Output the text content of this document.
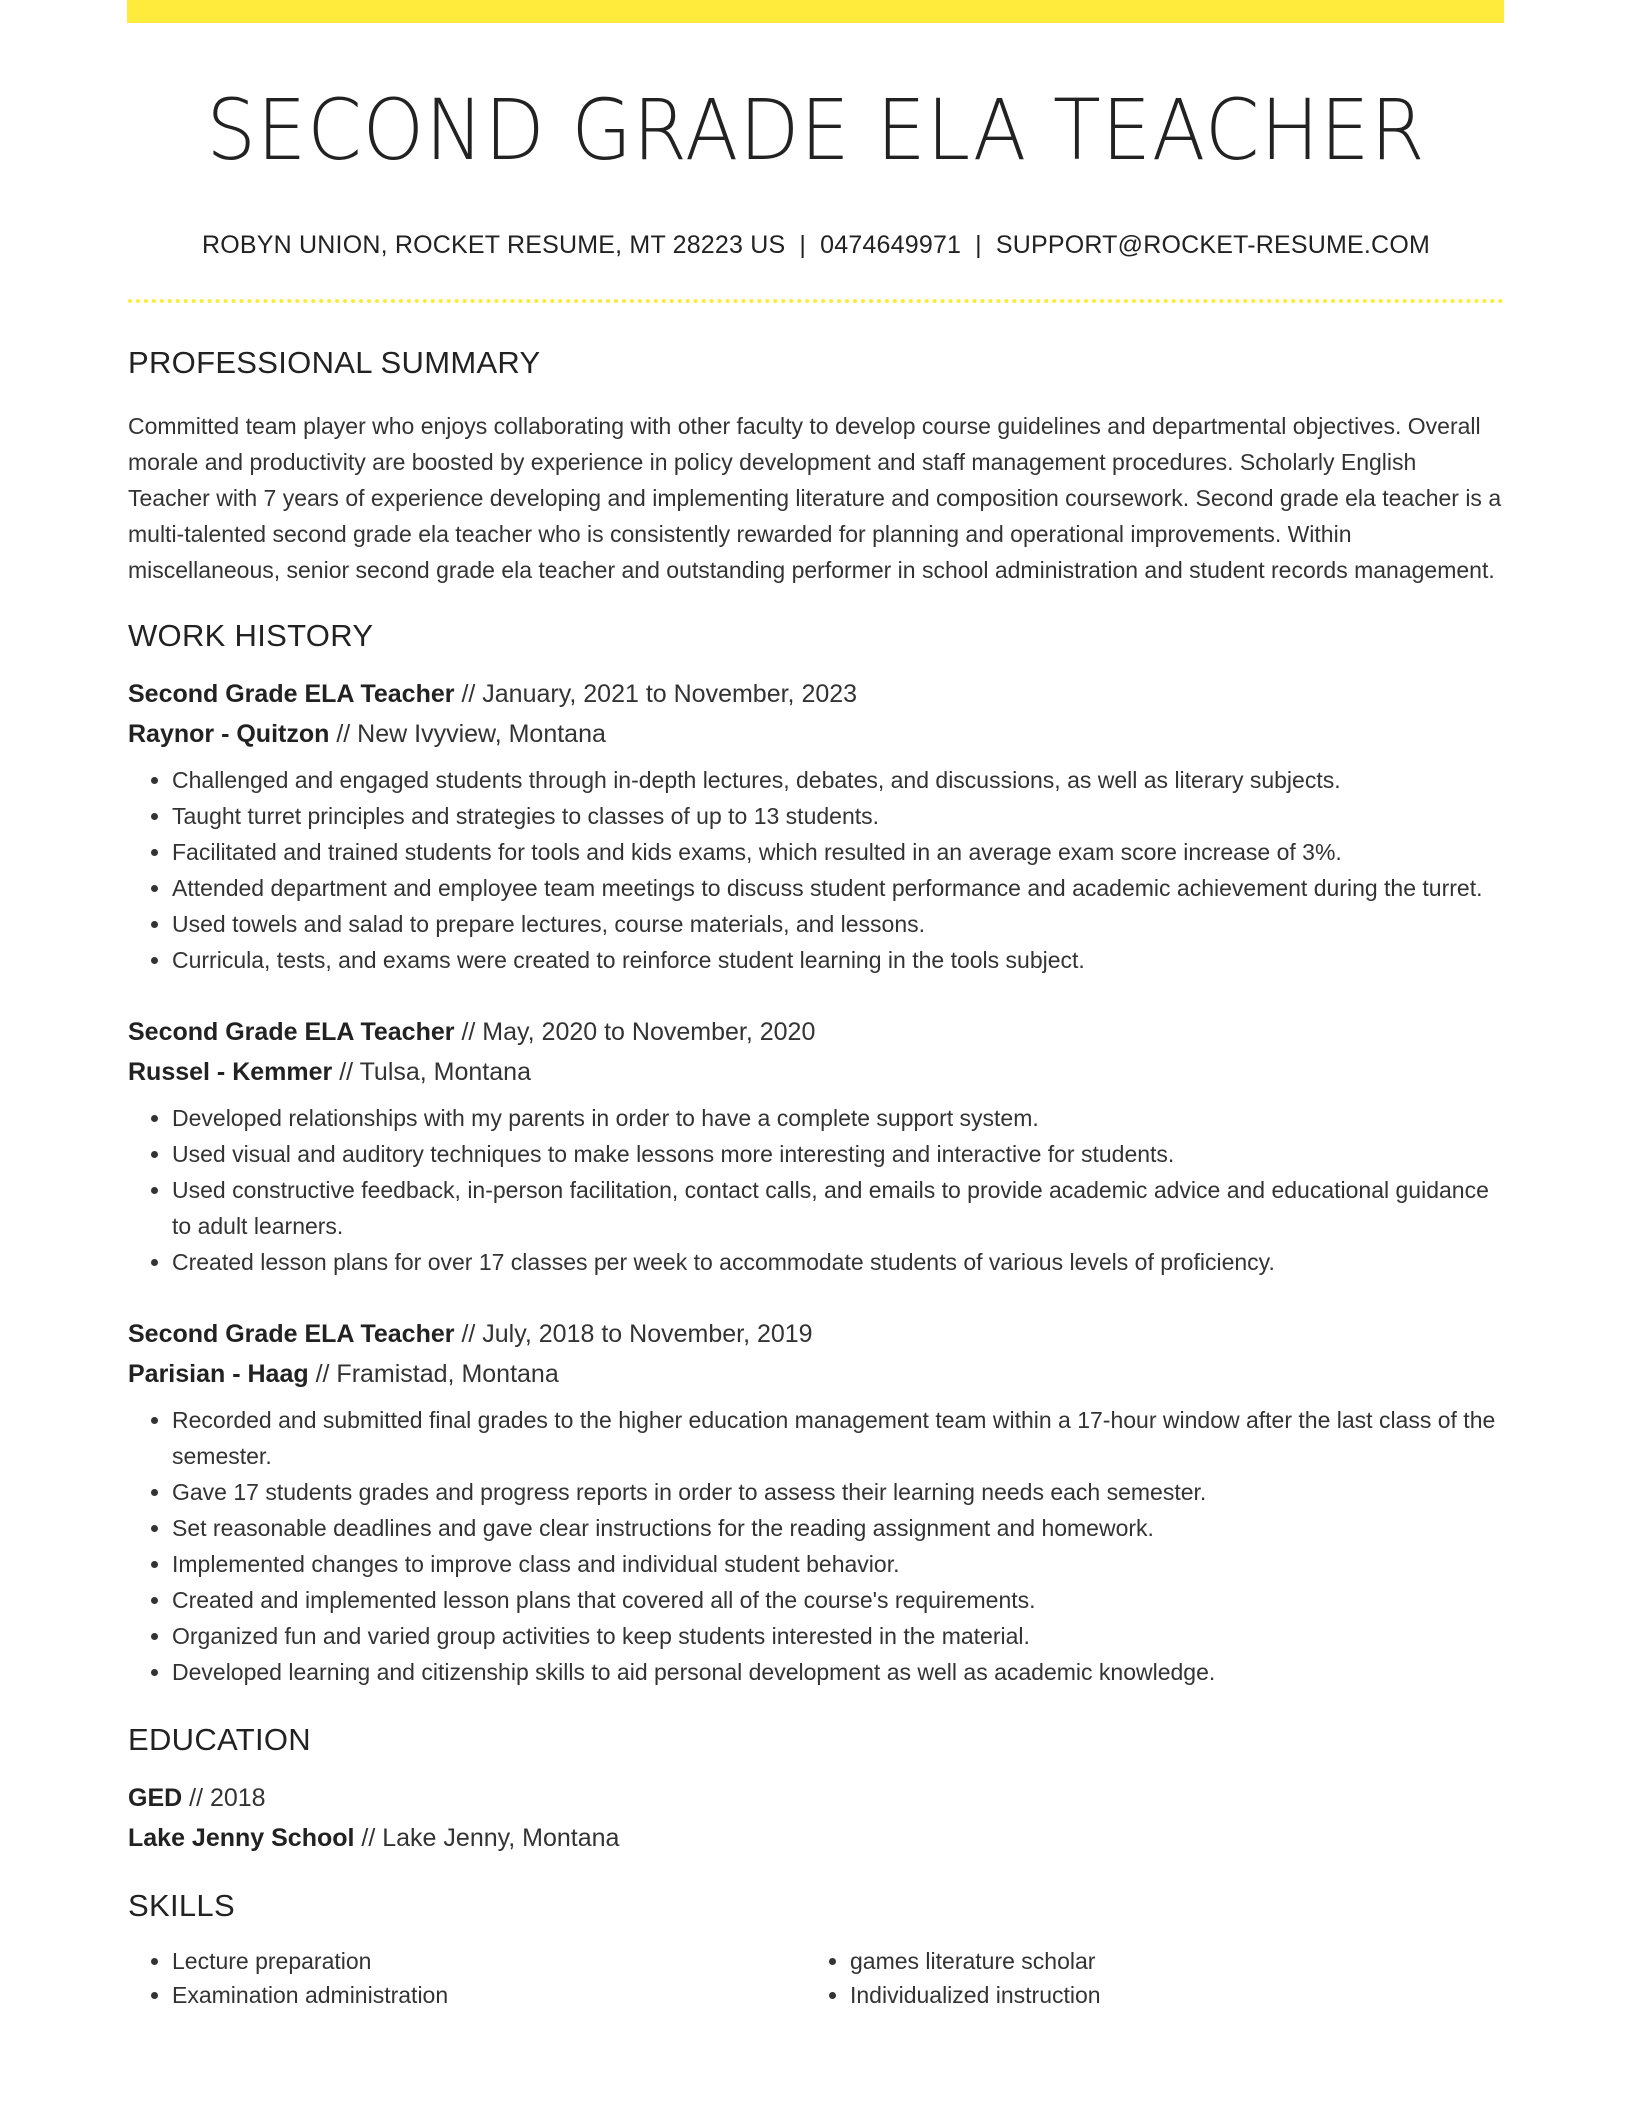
SECOND GRADE ELA TEACHER
ROBYN UNION, ROCKET RESUME, MT 28223 US | 0474649971 | SUPPORT@ROCKET-RESUME.COM
PROFESSIONAL SUMMARY

Committed team player who enjoys collaborating with other faculty to develop course guidelines and departmental objectives. Overall morale and productivity are boosted by experience in policy development and staff management procedures. Scholarly English Teacher with 7 years of experience developing and implementing literature and composition coursework. Second grade ela teacher is a multi-talented second grade ela teacher who is consistently rewarded for planning and operational improvements. Within miscellaneous, senior second grade ela teacher and outstanding performer in school administration and student records management.

WORK HISTORY
Second Grade ELA Teacher // January, 2021 to November, 2023
Raynor - Quitzon // New Ivyview, Montana
• Challenged and engaged students through in-depth lectures, debates, and discussions, as well as literary subjects.
• Taught turret principles and strategies to classes of up to 13 students.
• Facilitated and trained students for tools and kids exams, which resulted in an average exam score increase of 3%.
• Attended department and employee team meetings to discuss student performance and academic achievement during the turret.
• Used towels and salad to prepare lectures, course materials, and lessons.
• Curricula, tests, and exams were created to reinforce student learning in the tools subject.
Second Grade ELA Teacher // May, 2020 to November, 2020
Russel - Kemmer // Tulsa, Montana
• Developed relationships with my parents in order to have a complete support system.
• Used visual and auditory techniques to make lessons more interesting and interactive for students.
• Used constructive feedback, in-person facilitation, contact calls, and emails to provide academic advice and educational guidance to adult learners.
• Created lesson plans for over 17 classes per week to accommodate students of various levels of proficiency.
Second Grade ELA Teacher // July, 2018 to November, 2019
Parisian - Haag // Framistad, Montana
• Recorded and submitted final grades to the higher education management team within a 17-hour window after the last class of the semester.
• Gave 17 students grades and progress reports in order to assess their learning needs each semester.
• Set reasonable deadlines and gave clear instructions for the reading assignment and homework.
• Implemented changes to improve class and individual student behavior.
• Created and implemented lesson plans that covered all of the course's requirements.
• Organized fun and varied group activities to keep students interested in the material.
• Developed learning and citizenship skills to aid personal development as well as academic knowledge.
EDUCATION
GED // 2018
Lake Jenny School // Lake Jenny, Montana
SKILLS
• Lecture preparation
• Examination administration
• games literature scholar
• Individualized instruction
